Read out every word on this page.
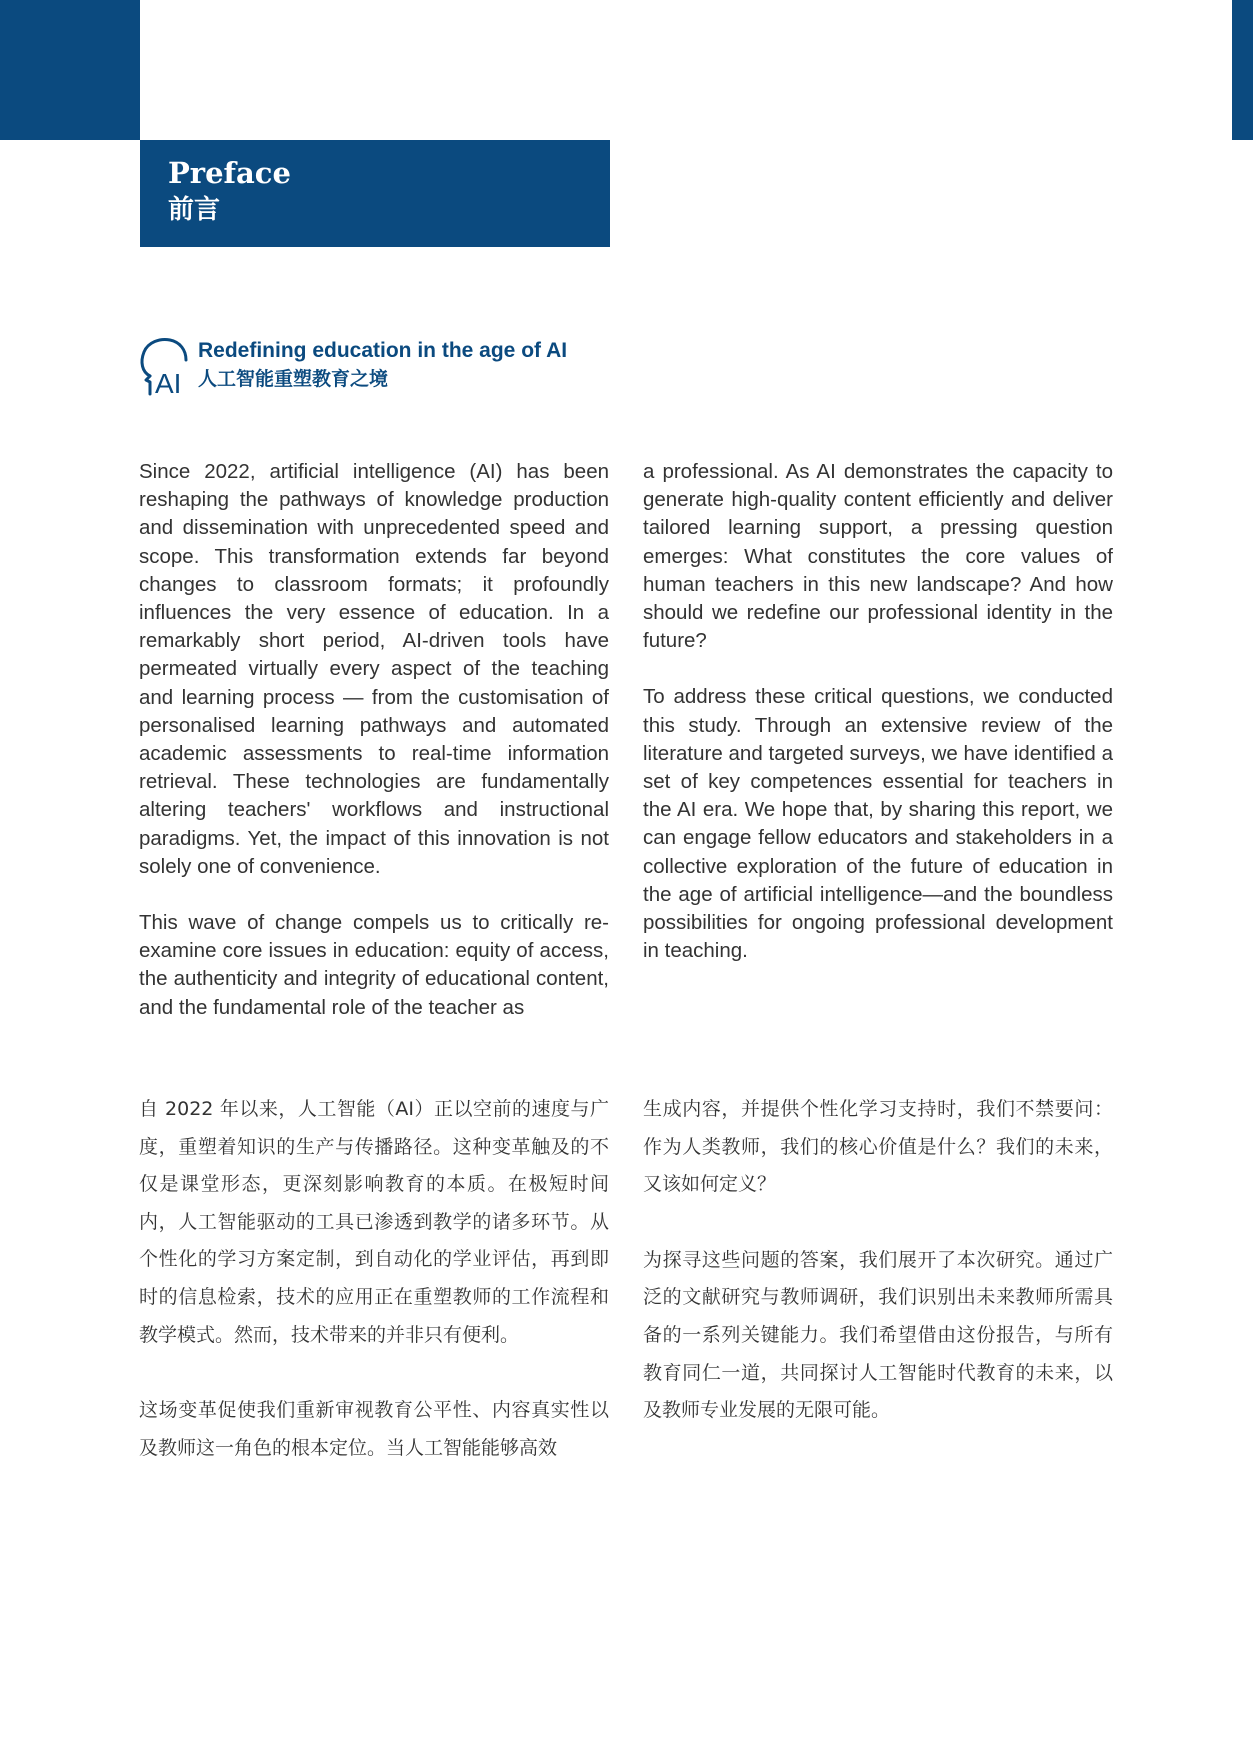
Preface
前言
AI
Redefining education in the age of AI
人工智能重塑教育之境

Since 2022, artificial intelligence (AI) has been reshaping the pathways of knowledge production and dissemination with unprecedented speed and scope. This transformation extends far beyond changes to classroom formats; it profoundly influences the very essence of education. In a remarkably short period, AI-driven tools have permeated virtually every aspect of the teaching and learning process — from the customisation of personalised learning pathways and automated academic assessments to real-time information retrieval. These technologies are fundamentally altering teachers' workflows and instructional paradigms. Yet, the impact of this innovation is not solely one of convenience.

This wave of change compels us to critically re-examine core issues in education: equity of access, the authenticity and integrity of educational content, and the fundamental role of the teacher as

a professional. As AI demonstrates the capacity to generate high-quality content efficiently and deliver tailored learning support, a pressing question emerges: What constitutes the core values of human teachers in this new landscape? And how should we redefine our professional identity in the future?

To address these critical questions, we conducted this study. Through an extensive review of the literature and targeted surveys, we have identified a set of key competences essential for teachers in the AI era. We hope that, by sharing this report, we can engage fellow educators and stakeholders in a collective exploration of the future of education in the age of artificial intelligence—and the boundless possibilities for ongoing professional development in teaching.

自 2022 年以来，人工智能（AI）正以空前的速度与广度，重塑着知识的生产与传播路径。这种变革触及的不仅是课堂形态，更深刻影响教育的本质。在极短时间内，人工智能驱动的工具已渗透到教学的诸多环节。从个性化的学习方案定制，到自动化的学业评估，再到即时的信息检索，技术的应用正在重塑教师的工作流程和教学模式。然而，技术带来的并非只有便利。

这场变革促使我们重新审视教育公平性、内容真实性以及教师这一角色的根本定位。当人工智能能够高效

生成内容，并提供个性化学习支持时，我们不禁要问：作为人类教师，我们的核心价值是什么？我们的未来，又该如何定义？

为探寻这些问题的答案，我们展开了本次研究。通过广泛的文献研究与教师调研，我们识别出未来教师所需具备的一系列关键能力。我们希望借由这份报告，与所有教育同仁一道，共同探讨人工智能时代教育的未来，以及教师专业发展的无限可能。
